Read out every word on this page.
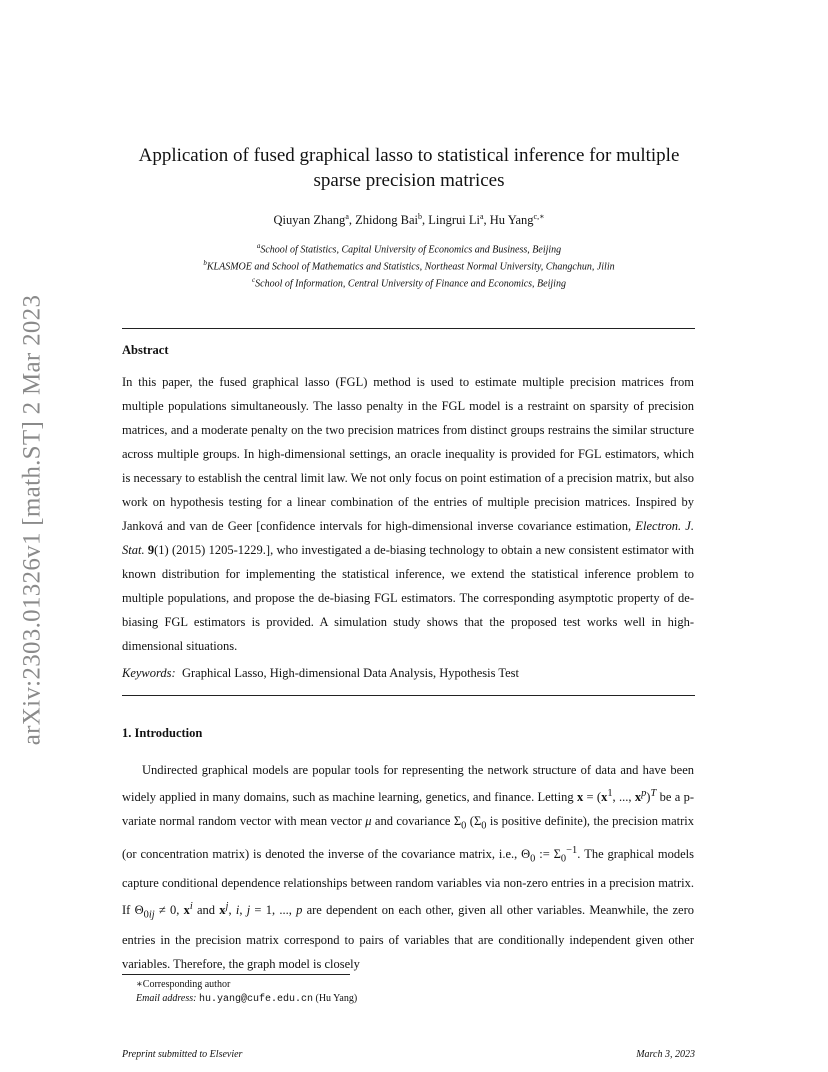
arXiv:2303.01326v1 [math.ST] 2 Mar 2023
Application of fused graphical lasso to statistical inference for multiple sparse precision matrices
Qiuyan Zhang$^a$, Zhidong Bai$^b$, Lingrui Li$^a$, Hu Yang$^{c,∗}$
$^a$School of Statistics, Capital University of Economics and Business, Beijing
$^b$KLASMOE and School of Mathematics and Statistics, Northeast Normal University, Changchun, Jilin
$^c$School of Information, Central University of Finance and Economics, Beijing
Abstract

In this paper, the fused graphical lasso (FGL) method is used to estimate multiple precision matrices from multiple populations simultaneously. The lasso penalty in the FGL model is a restraint on sparsity of precision matrices, and a moderate penalty on the two precision matrices from distinct groups restrains the similar structure across multiple groups. In high-dimensional settings, an oracle inequality is provided for FGL estimators, which is necessary to establish the central limit law. We not only focus on point estimation of a precision matrix, but also work on hypothesis testing for a linear combination of the entries of multiple precision matrices. Inspired by Janková and van de Geer [confidence intervals for high-dimensional inverse covariance estimation, Electron. J. Stat. 9(1) (2015) 1205-1229.], who investigated a de-biasing technology to obtain a new consistent estimator with known distribution for implementing the statistical inference, we extend the statistical inference problem to multiple populations, and propose the de-biasing FGL estimators. The corresponding asymptotic property of de-biasing FGL estimators is provided. A simulation study shows that the proposed test works well in high-dimensional situations.

Keywords: Graphical Lasso, High-dimensional Data Analysis, Hypothesis Test
1. Introduction

Undirected graphical models are popular tools for representing the network structure of data and have been widely applied in many domains, such as machine learning, genetics, and finance. Letting $x = (x^1$, ..., $x^p)^T$ be a p-variate normal random vector with mean vector μ and covariance $\Sigma_0$ ($\Sigma_0$ is positive definite), the precision matrix (or concentration matrix) is denoted the inverse of the covariance matrix, i.e., $\Theta_0$ := $\Sigma_0^{-1}$. The graphical models capture conditional dependence relationships between random variables via non-zero entries in a precision matrix. If $\Theta_{0ij} \ne 0$, $x^i$ and $x^j$, i, j = 1, ..., p are dependent on each other, given all other variables. Meanwhile, the zero entries in the precision matrix correspond to pairs of variables that are conditionally independent given other variables. Therefore, the graph model is closely

∗Corresponding author
Email address: hu.yang@cufe.edu.cn (Hu Yang)
Preprint submitted to Elsevier	March 3, 2023
